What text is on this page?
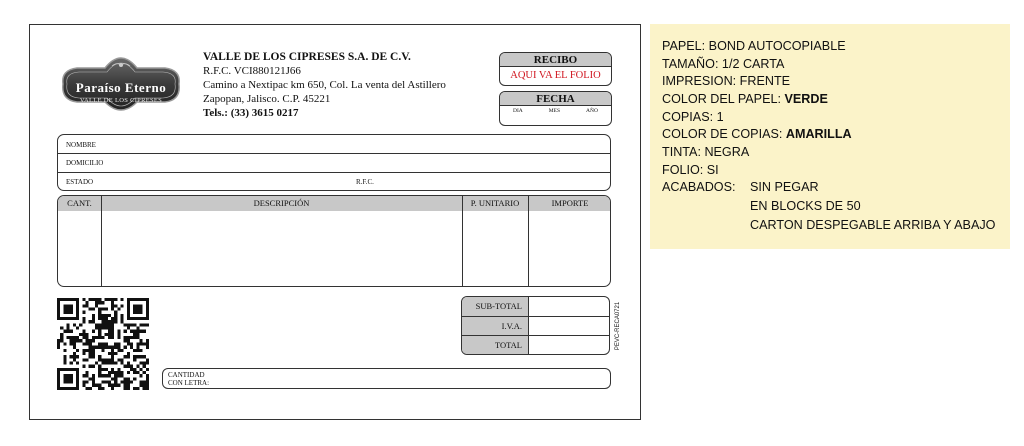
Paraíso Eterno
VALLE DE LOS CIPRESES
VALLE DE LOS CIPRESES S.A. DE C.V.
R.F.C. VCI880121J66
Camino a Nextipac km 650, Col. La venta del Astillero
Zapopan, Jalisco. C.P. 45221
Tels.: (33) 3615 0217
RECIBO
AQUI VA EL FOLIO
FECHA
DIA	MES	AÑO
NOMBRE
DOMICILIO
ESTADO	R.F.C.
CANT.	DESCRIPCIÓN	P. UNITARIO	IMPORTE
SUB-TOTAL
I.V.A.
TOTAL	PEVC-RECA0721
CANTIDAD
CON LETRA:
PAPEL: BOND AUTOCOPIABLE
TAMAÑO: 1/2 CARTA
IMPRESION: FRENTE
COLOR DEL PAPEL: VERDE
COPIAS: 1
COLOR DE COPIAS: AMARILLA
TINTA: NEGRA
FOLIO: SI
ACABADOS: SIN PEGAR
EN BLOCKS DE 50
CARTON DESPEGABLE ARRIBA Y ABAJO
